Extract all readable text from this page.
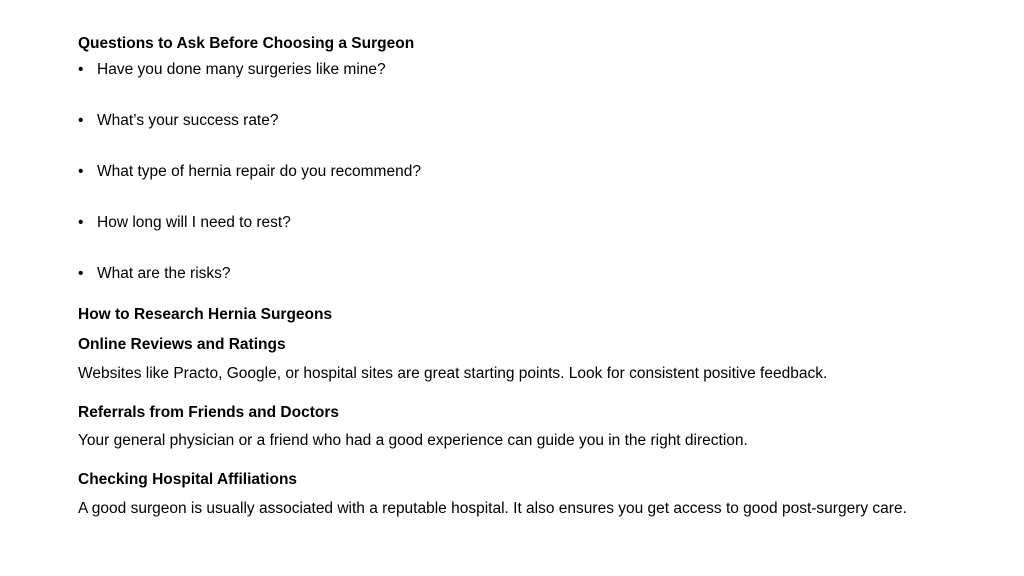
Questions to Ask Before Choosing a Surgeon
• Have you done many surgeries like mine?
• What’s your success rate?
• What type of hernia repair do you recommend?
• How long will I need to rest?
• What are the risks?
How to Research Hernia Surgeons
Online Reviews and Ratings
Websites like Practo, Google, or hospital sites are great starting points. Look for consistent positive feedback.
Referrals from Friends and Doctors
Your general physician or a friend who had a good experience can guide you in the right direction.
Checking Hospital Affiliations
A good surgeon is usually associated with a reputable hospital. It also ensures you get access to good post-surgery care.
